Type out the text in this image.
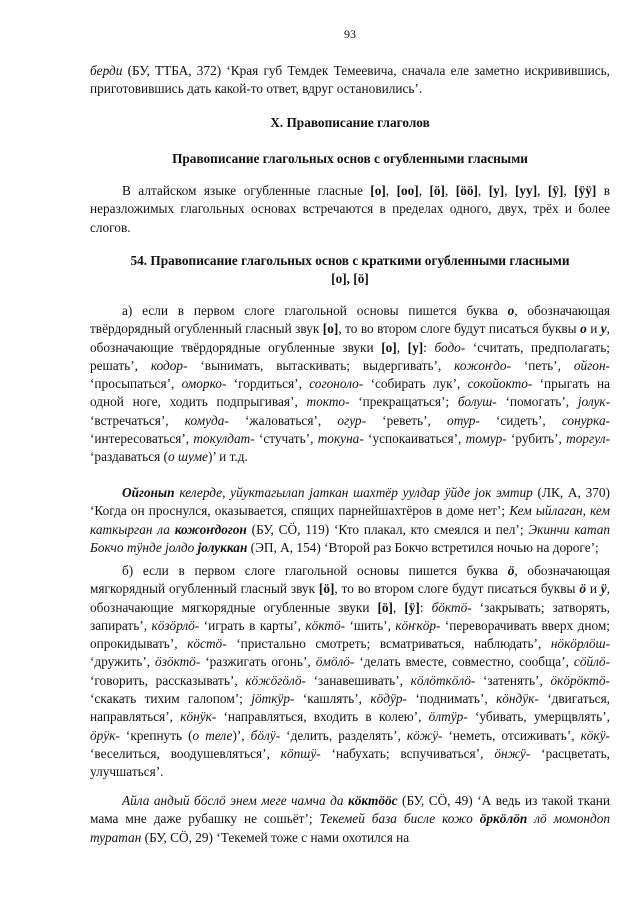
93
берди (БУ, ТТБА, 372) ‘Края губ Темдек Темеевича, сначала еле заметно искривившись, приготовившись дать какой-то ответ, вдруг остановились’.
X. Правописание глаголов
Правописание глагольных основ с огубленными гласными
В алтайском языке огубленные гласные [о], [оо], [ö], [öö], [у], [уу], [ӱ], [ӱӱ] в неразложимых глагольных основах встречаются в пределах одного, двух, трёх и более слогов.
54. Правописание глагольных основ с краткими огубленными гласными [о], [ö]
а) если в первом слоге глагольной основы пишется буква о, обозначающая твёрдорядный огубленный гласный звук [о], то во втором слоге будут писаться буквы о и у, обозначающие твёрдорядные огубленные звуки [о], [у]: бодо- ‘считать, предполагать; решать’, кодор- ‘вынимать, вытаскивать; выдергивать’, кожоҥдо- ‘петь’, ойгон- ‘просыпаться’, оморко- ‘гордиться’, согоноло- ‘собирать лук’, сокойокто- ‘прыгать на одной ноге, ходить подпрыгивая’, токто- ‘прекращаться’; болуш- ‘помогать’, јолук- ‘встречаться’, комуда- ‘жаловаться’, огур- ‘реветь’, отур- ‘сидеть’, сонурка- ‘интересоваться’, токулдат- ‘стучать’, токуна- ‘успокаиваться’, томур- ‘рубить’, торгул- ‘раздаваться (о шуме)’ и т.д.
Ойгонып келерде, уйуктагылап јаткан шахтёр уулдар ӱйде јок эмтир (ЛК, А, 370) ‘Когда он проснулся, оказывается, спящих парнейшахтёров в доме нет’; Кем ыйлаган, кем каткырган ла кожоҥдогон (БУ, СÖ, 119) ‘Кто плакал, кто смеялся и пел’; Экинчи катап Бокчо тӱнде јолдо јолуккан (ЭП, А, 154) ‘Второй раз Бокчо встретился ночью на дороге’;
б) если в первом слоге глагольной основы пишется буква ö, обозначающая мягкорядный огубленный гласный звук [ö], то во втором слоге будут писаться буквы ö и ӱ, обозначающие мягкорядные огубленные звуки [ö], [ӱ]: бöктö- ‘закрывать; затворять, запирать’, кöзöрлö- ‘играть в карты’, кöктö- ‘шить’, кöҥкöр- ‘переворачивать вверх дном; опрокидывать’, кöстö- ‘пристально смотреть; всматриваться, наблюдать’, нöкöрлöш- ‘дружить’, öзöктö- ‘разжигать огонь’, öмöлö- ‘делать вместе, совместно, сообща’, сöйлö- ‘говорить, рассказывать’, кöжöгöлö- ‘занавешивать’, кöлöткöлö- ‘затенять’, öкöрöктö- ‘скакать тихим галопом’; јöткӱр- ‘кашлять’, кöдӱр- ‘поднимать’, кöндӱк- ‘двигаться, направляться’, кöнӱк- ‘направляться, входить в колею’, öлтӱр- ‘убивать, умерщвлять’, öрӱк- ‘крепнуть (о теле)’, бöлӱ- ‘делить, разделять’, кöжӱ- ‘неметь, отсиживать’, кöкӱ- ‘веселиться, воодушевляться’, кöпшӱ- ‘набухать; вспучиваться’, öнжӱ- ‘расцветать, улучшаться’.
Айла андый бöслö энем меге чамча да кöктööс (БУ, СÖ, 49) ‘А ведь из такой ткани мама мне даже рубашку не сошьёт’; Текемей база бисле кожо öркöлöп лö момондоп туратан (БУ, СÖ, 29) ‘Текемей тоже с нами охотился на
